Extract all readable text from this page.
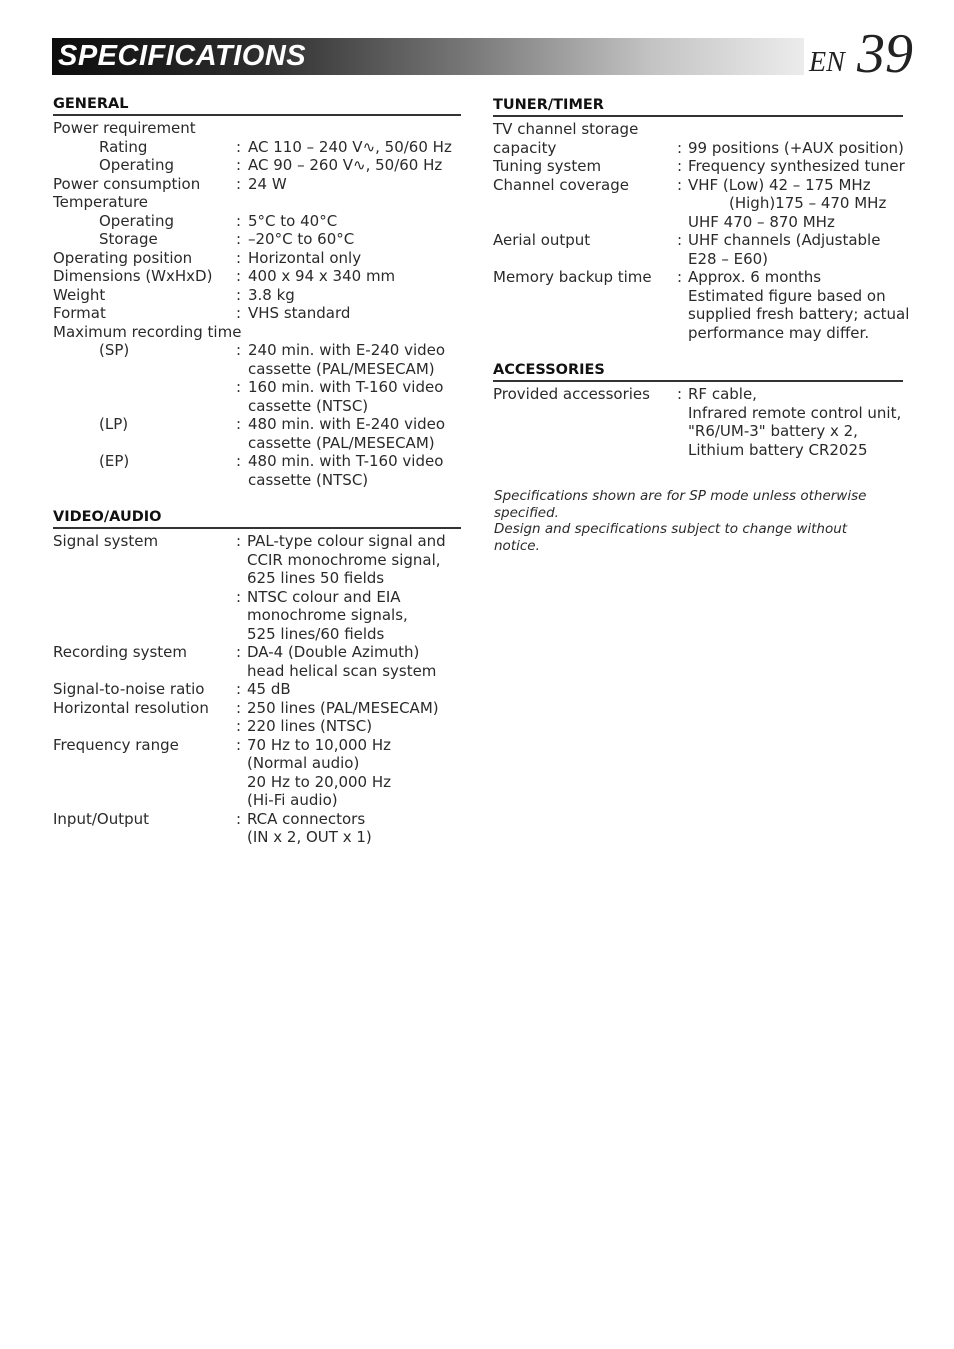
SPECIFICATIONS	EN 39
GENERAL
Power requirement
Rating	: AC 110 – 240 V∿, 50/60 Hz
Operating	: AC 90 – 260 V∿, 50/60 Hz
Power consumption : 24 W
Temperature
Operating	: 5°C to 40°C
Storage	: –20°C to 60°C
Operating position	: Horizontal only
Dimensions (WxHxD) : 400 x 94 x 340 mm
Weight	: 3.8 kg
Format	: VHS standard
Maximum recording time
(SP)	: 240 min. with E-240 video
cassette (PAL/MESECAM)
: 160 min. with T-160 video
cassette (NTSC)
(LP)	: 480 min. with E-240 video
cassette (PAL/MESECAM)
(EP)	: 480 min. with T-160 video
cassette (NTSC)
VIDEO/AUDIO
Signal system	: PAL-type colour signal and
CCIR monochrome signal,
625 lines 50 fields
: NTSC colour and EIA
monochrome signals,
525 lines/60 fields
Recording system	: DA-4 (Double Azimuth)
head helical scan system
Signal-to-noise ratio : 45 dB
Horizontal resolution : 250 lines (PAL/MESECAM)
: 220 lines (NTSC)
Frequency range	: 70 Hz to 10,000 Hz
(Normal audio)
20 Hz to 20,000 Hz
(Hi-Fi audio)
Input/Output	: RCA connectors
(IN x 2, OUT x 1)
TUNER/TIMER
TV channel storage
capacity	: 99 positions (+AUX position)
Tuning system	: Frequency synthesized tuner
Channel coverage	: VHF (Low) 42 – 175 MHz
(High)175 – 470 MHz
UHF 470 – 870 MHz
Aerial output	: UHF channels (Adjustable
E28 – E60)
Memory backup time : Approx. 6 months
Estimated figure based on
supplied fresh battery; actual
performance may differ.
ACCESSORIES
Provided accessories : RF cable,
Infrared remote control unit,
"R6/UM-3" battery x 2,
Lithium battery CR2025
Specifications shown are for SP mode unless otherwise specified.
Design and specifications subject to change without notice.
